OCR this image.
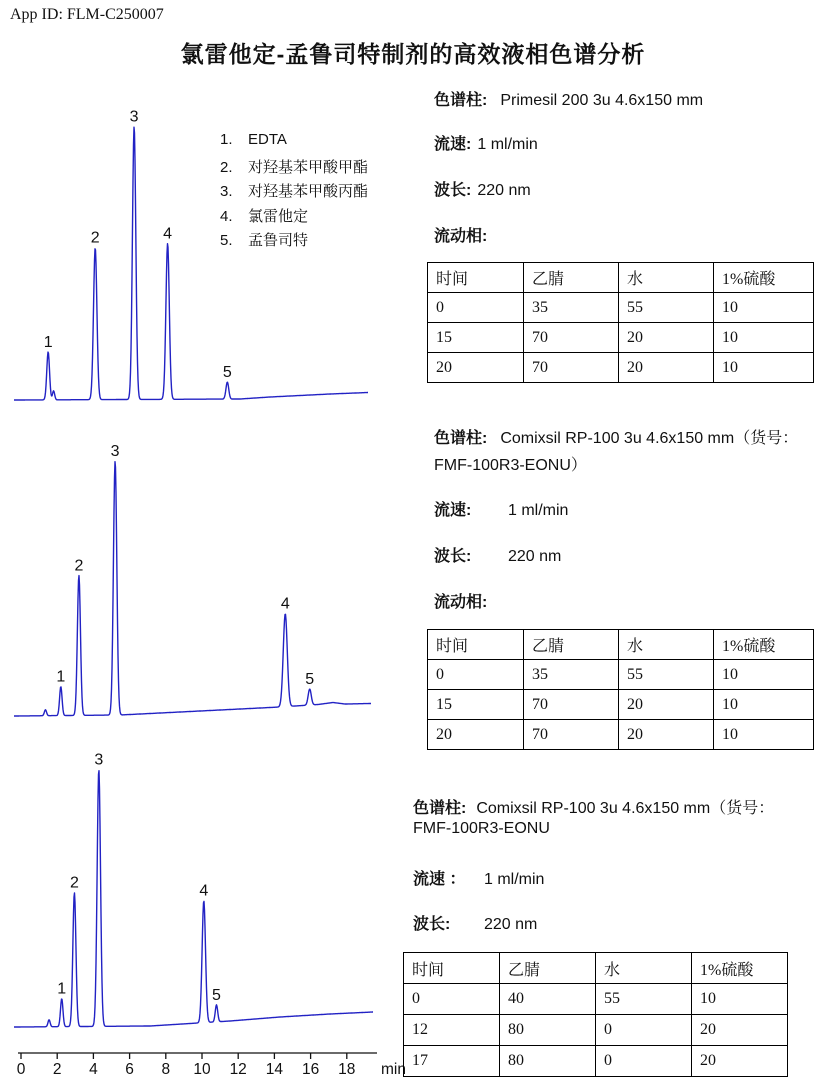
App ID: FLM-C250007
氯雷他定-孟鲁司特制剂的高效液相色谱分析
1
2
3
4
5
1
2
3
4
5
1
2
3
4
5
0 2 4 6 8 10 12 14 16 18 min
1. EDTA
2. 对羟基苯甲酸甲酯
3. 对羟基苯甲酸丙酯
4. 氯雷他定
5. 孟鲁司特
色谱柱: Primesil 200 3u 4.6x150 mm
流速: 1 ml/min
波长: 220 nm
流动相:
时间	乙腈	水	1%硫酸
0	35	55	10
15	70	20	10
20	70	20	10
色谱柱: Comixsil RP-100 3u 4.6x150 mm（货号：
FMF-100R3-EONU）
流速: 1 ml/min
波长: 220 nm
流动相:
时间	乙腈	水	1%硫酸
0	35	55	10
15	70	20	10
20	70	20	10
色谱柱: Comixsil RP-100 3u 4.6x150 mm（货号：
FMF-100R3-EONU
流速 ： 1 ml/min
波长: 220 nm
时间	乙腈	水	1%硫酸
0	40	55	10
12	80	0	20
17	80	0	20
